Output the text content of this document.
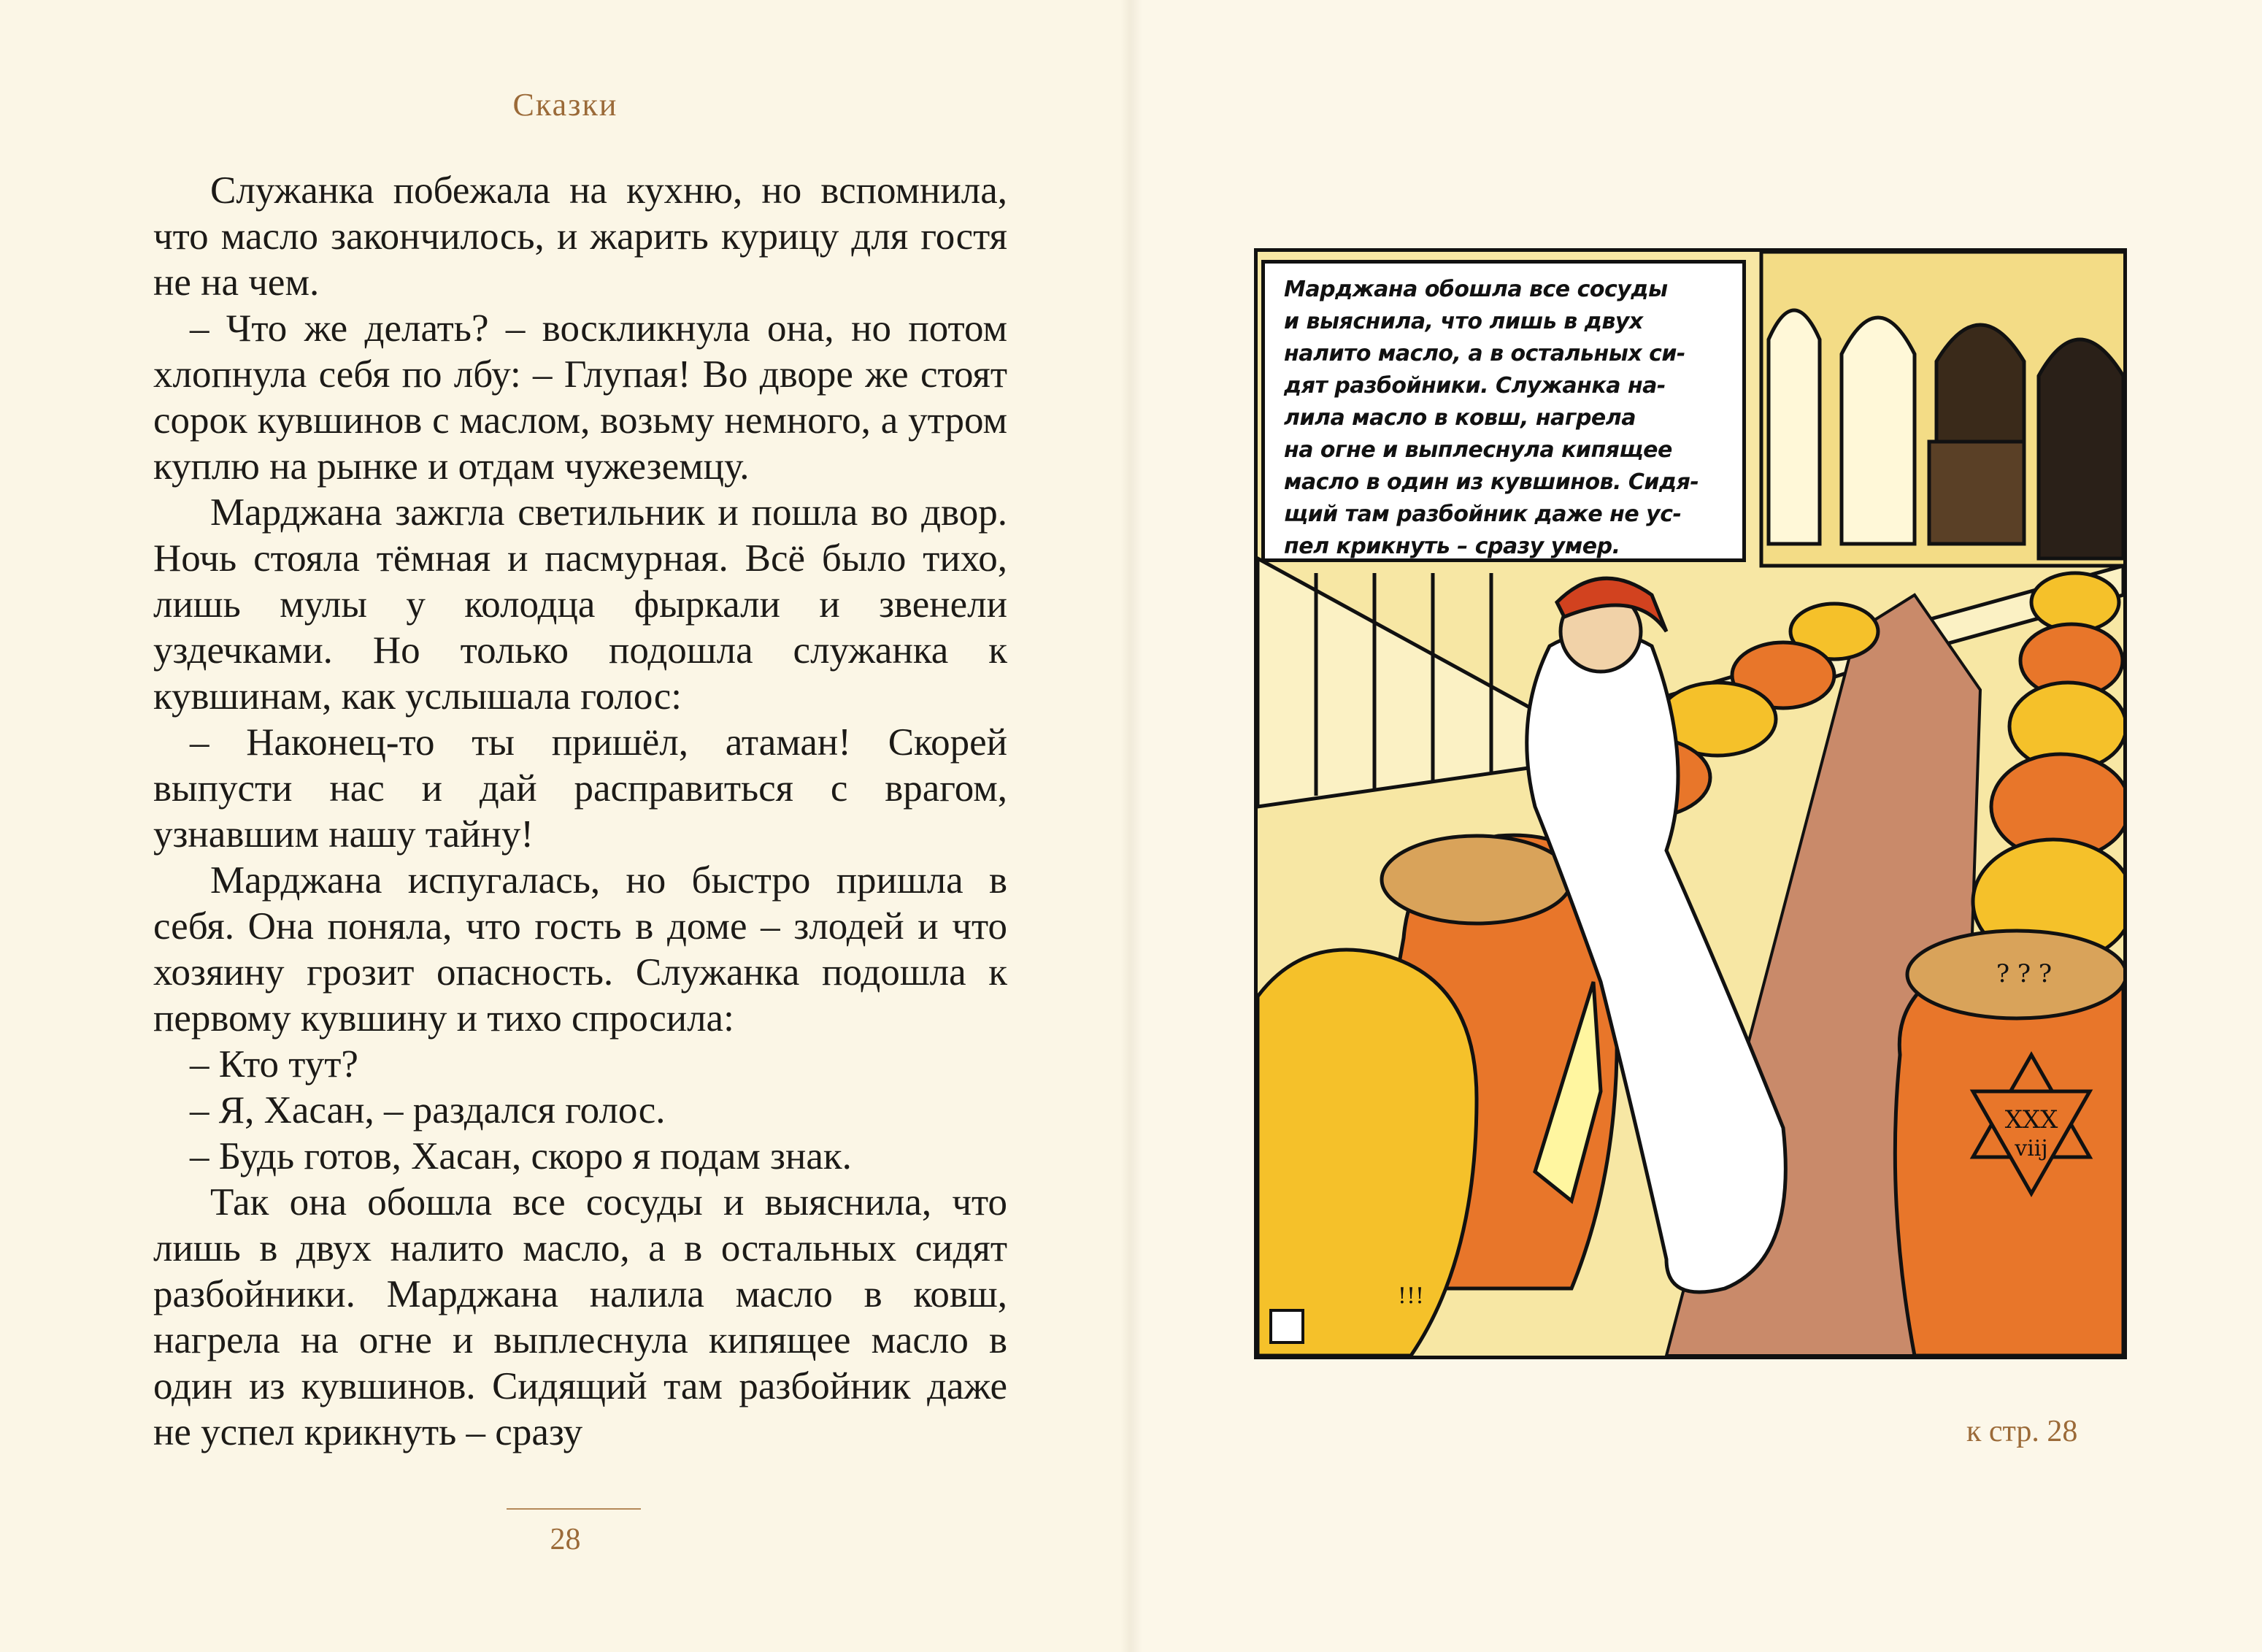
Сказки

Служанка побежала на кухню, но вспомнила, что масло закончилось, и жарить курицу для гостя не на чем.

– Что же делать? – воскликнула она, но потом хлопнула себя по лбу: – Глупая! Во дворе же стоят сорок кувшинов с маслом, возьму немного, а утром куплю на рынке и отдам чужеземцу.

Марджана зажгла светильник и пошла во двор. Ночь стояла тёмная и пасмурная. Всё было тихо, лишь мулы у колодца фыркали и звенели уздечками. Но только подошла служанка к кувшинам, как услышала голос:

– Наконец-то ты пришёл, атаман! Скорей выпусти нас и дай расправиться с врагом, узнавшим нашу тайну!

Марджана испугалась, но быстро пришла в себя. Она поняла, что гость в доме – злодей и что хозяину грозит опасность. Служанка подошла к первому кувшину и тихо спросила:

– Кто тут?

– Я, Хасан, – раздался голос.

– Будь готов, Хасан, скоро я подам знак.

Так она обошла все сосуды и выяснила, что лишь в двух налито масло, а в остальных сидят разбойники. Марджана налила масло в ковш, нагрела на огне и выплеснула кипящее масло в один из кувшинов. Сидящий там разбойник даже не успел крикнуть – сразу

28
XXX
viij
? ? ?
!!!
Марджана обошла все сосуды
и выяснила, что лишь в двух
налито масло, а в остальных си-
дят разбойники. Служанка на-
лила масло в ковш, нагрела
на огне и выплеснула кипящее
масло в один из кувшинов. Сидя-
щий там разбойник даже не ус-
пел крикнуть – сразу умер.
к стр. 28
